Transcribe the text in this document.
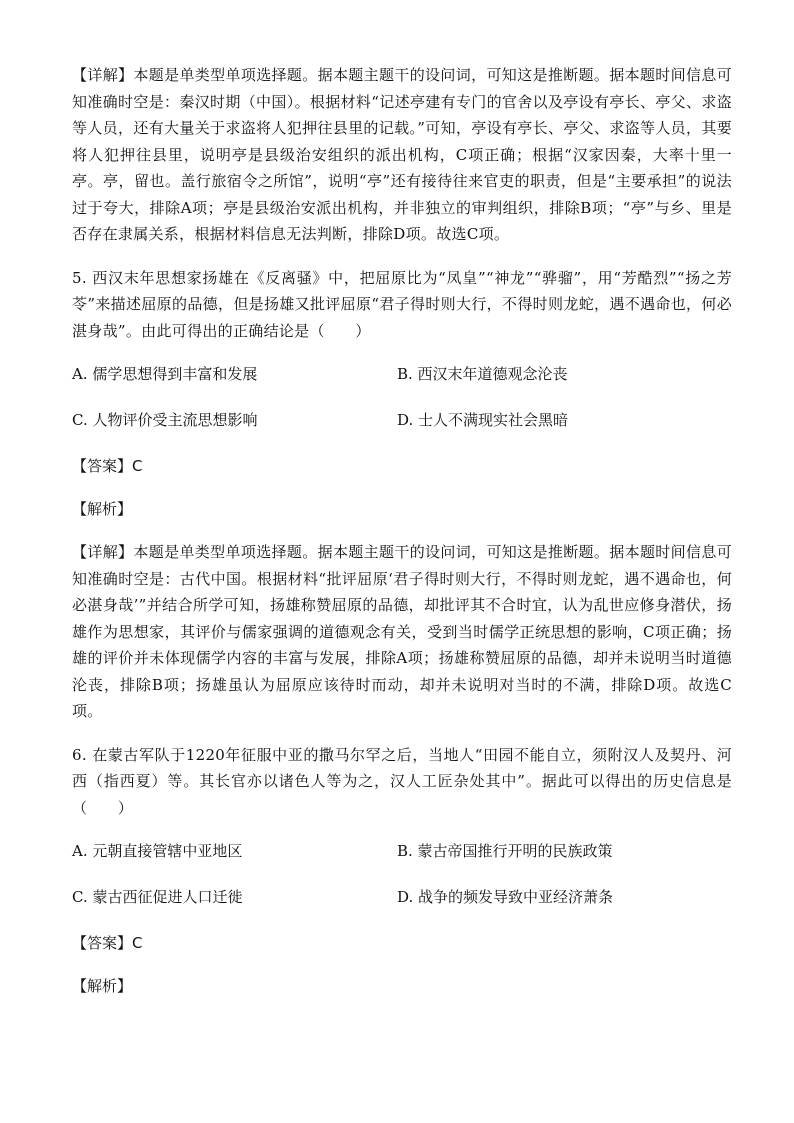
【详解】本题是单类型单项选择题。据本题主题干的设问词，可知这是推断题。据本题时间信息可知准确时空是：秦汉时期（中国）。根据材料“记述亭建有专门的官舍以及亭设有亭长、亭父、求盗等人员，还有大量关于求盗将人犯押往县里的记载。”可知，亭设有亭长、亭父、求盗等人员，其要将人犯押往县里，说明亭是县级治安组织的派出机构，C项正确；根据“汉家因秦，大率十里一亭。亭，留也。盖行旅宿令之所馆”，说明“亭”还有接待往来官吏的职责，但是“主要承担”的说法过于夸大，排除A项；亭是县级治安派出机构，并非独立的审判组织，排除B项；“亭”与乡、里是否存在隶属关系，根据材料信息无法判断，排除D项。故选C项。

5. 西汉末年思想家扬雄在《反离骚》中，把屈原比为“凤皇”“神龙”“骅骝”，用“芳酷烈”“扬之芳苓”来描述屈原的品德，但是扬雄又批评屈原“君子得时则大行，不得时则龙蛇，遇不遇命也，何必湛身哉”。由此可得出的正确结论是（　　）

A. 儒学思想得到丰富和发展	B. 西汉末年道德观念沦丧
C. 人物评价受主流思想影响	D. 士人不满现实社会黑暗

【答案】C

【解析】

【详解】本题是单类型单项选择题。据本题主题干的设问词，可知这是推断题。据本题时间信息可知准确时空是：古代中国。根据材料“批评屈原‘君子得时则大行，不得时则龙蛇，遇不遇命也，何必湛身哉’”并结合所学可知，扬雄称赞屈原的品德，却批评其不合时宜，认为乱世应修身潜伏，扬雄作为思想家，其评价与儒家强调的道德观念有关，受到当时儒学正统思想的影响，C项正确；扬雄的评价并未体现儒学内容的丰富与发展，排除A项；扬雄称赞屈原的品德，却并未说明当时道德沦丧，排除B项；扬雄虽认为屈原应该待时而动，却并未说明对当时的不满，排除D项。故选C项。

6. 在蒙古军队于1220年征服中亚的撒马尔罕之后，当地人“田园不能自立，须附汉人及契丹、河西（指西夏）等。其长官亦以诸色人等为之，汉人工匠杂处其中”。据此可以得出的历史信息是（　　）

A. 元朝直接管辖中亚地区	B. 蒙古帝国推行开明的民族政策
C. 蒙古西征促进人口迁徙	D. 战争的频发导致中亚经济萧条

【答案】C

【解析】
